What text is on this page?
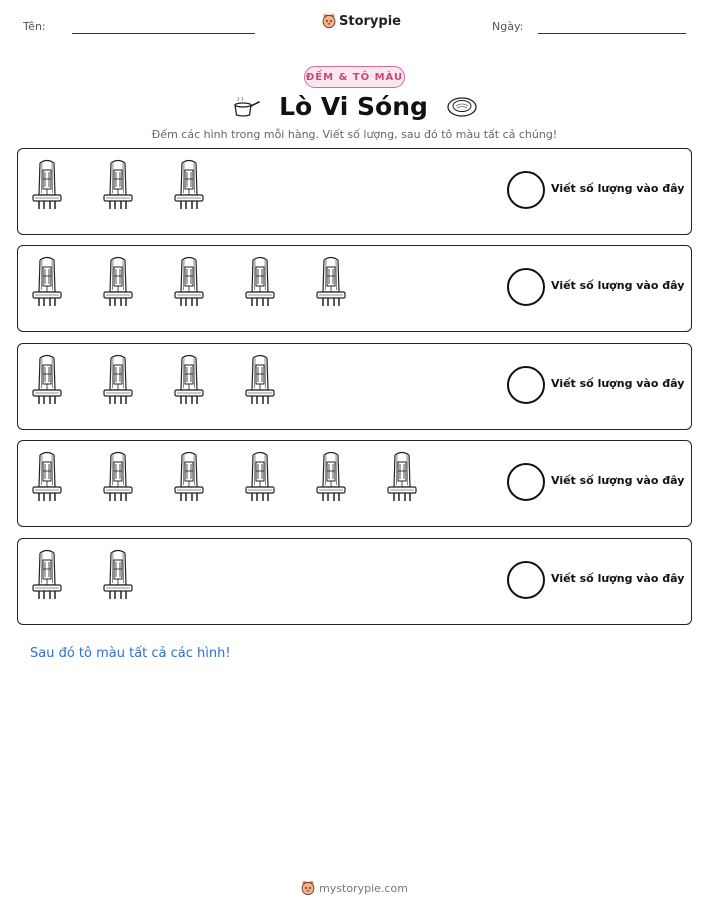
Tên:	Storypie	Ngày:
ĐẾM & TÔ MÀU
Lò Vi Sóng
Đếm các hình trong mỗi hàng. Viết số lượng, sau đó tô màu tất cả chúng!
Viết số lượng vào đây
Viết số lượng vào đây
Viết số lượng vào đây
Viết số lượng vào đây
Viết số lượng vào đây
Sau đó tô màu tất cả các hình!
mystorypie.com
